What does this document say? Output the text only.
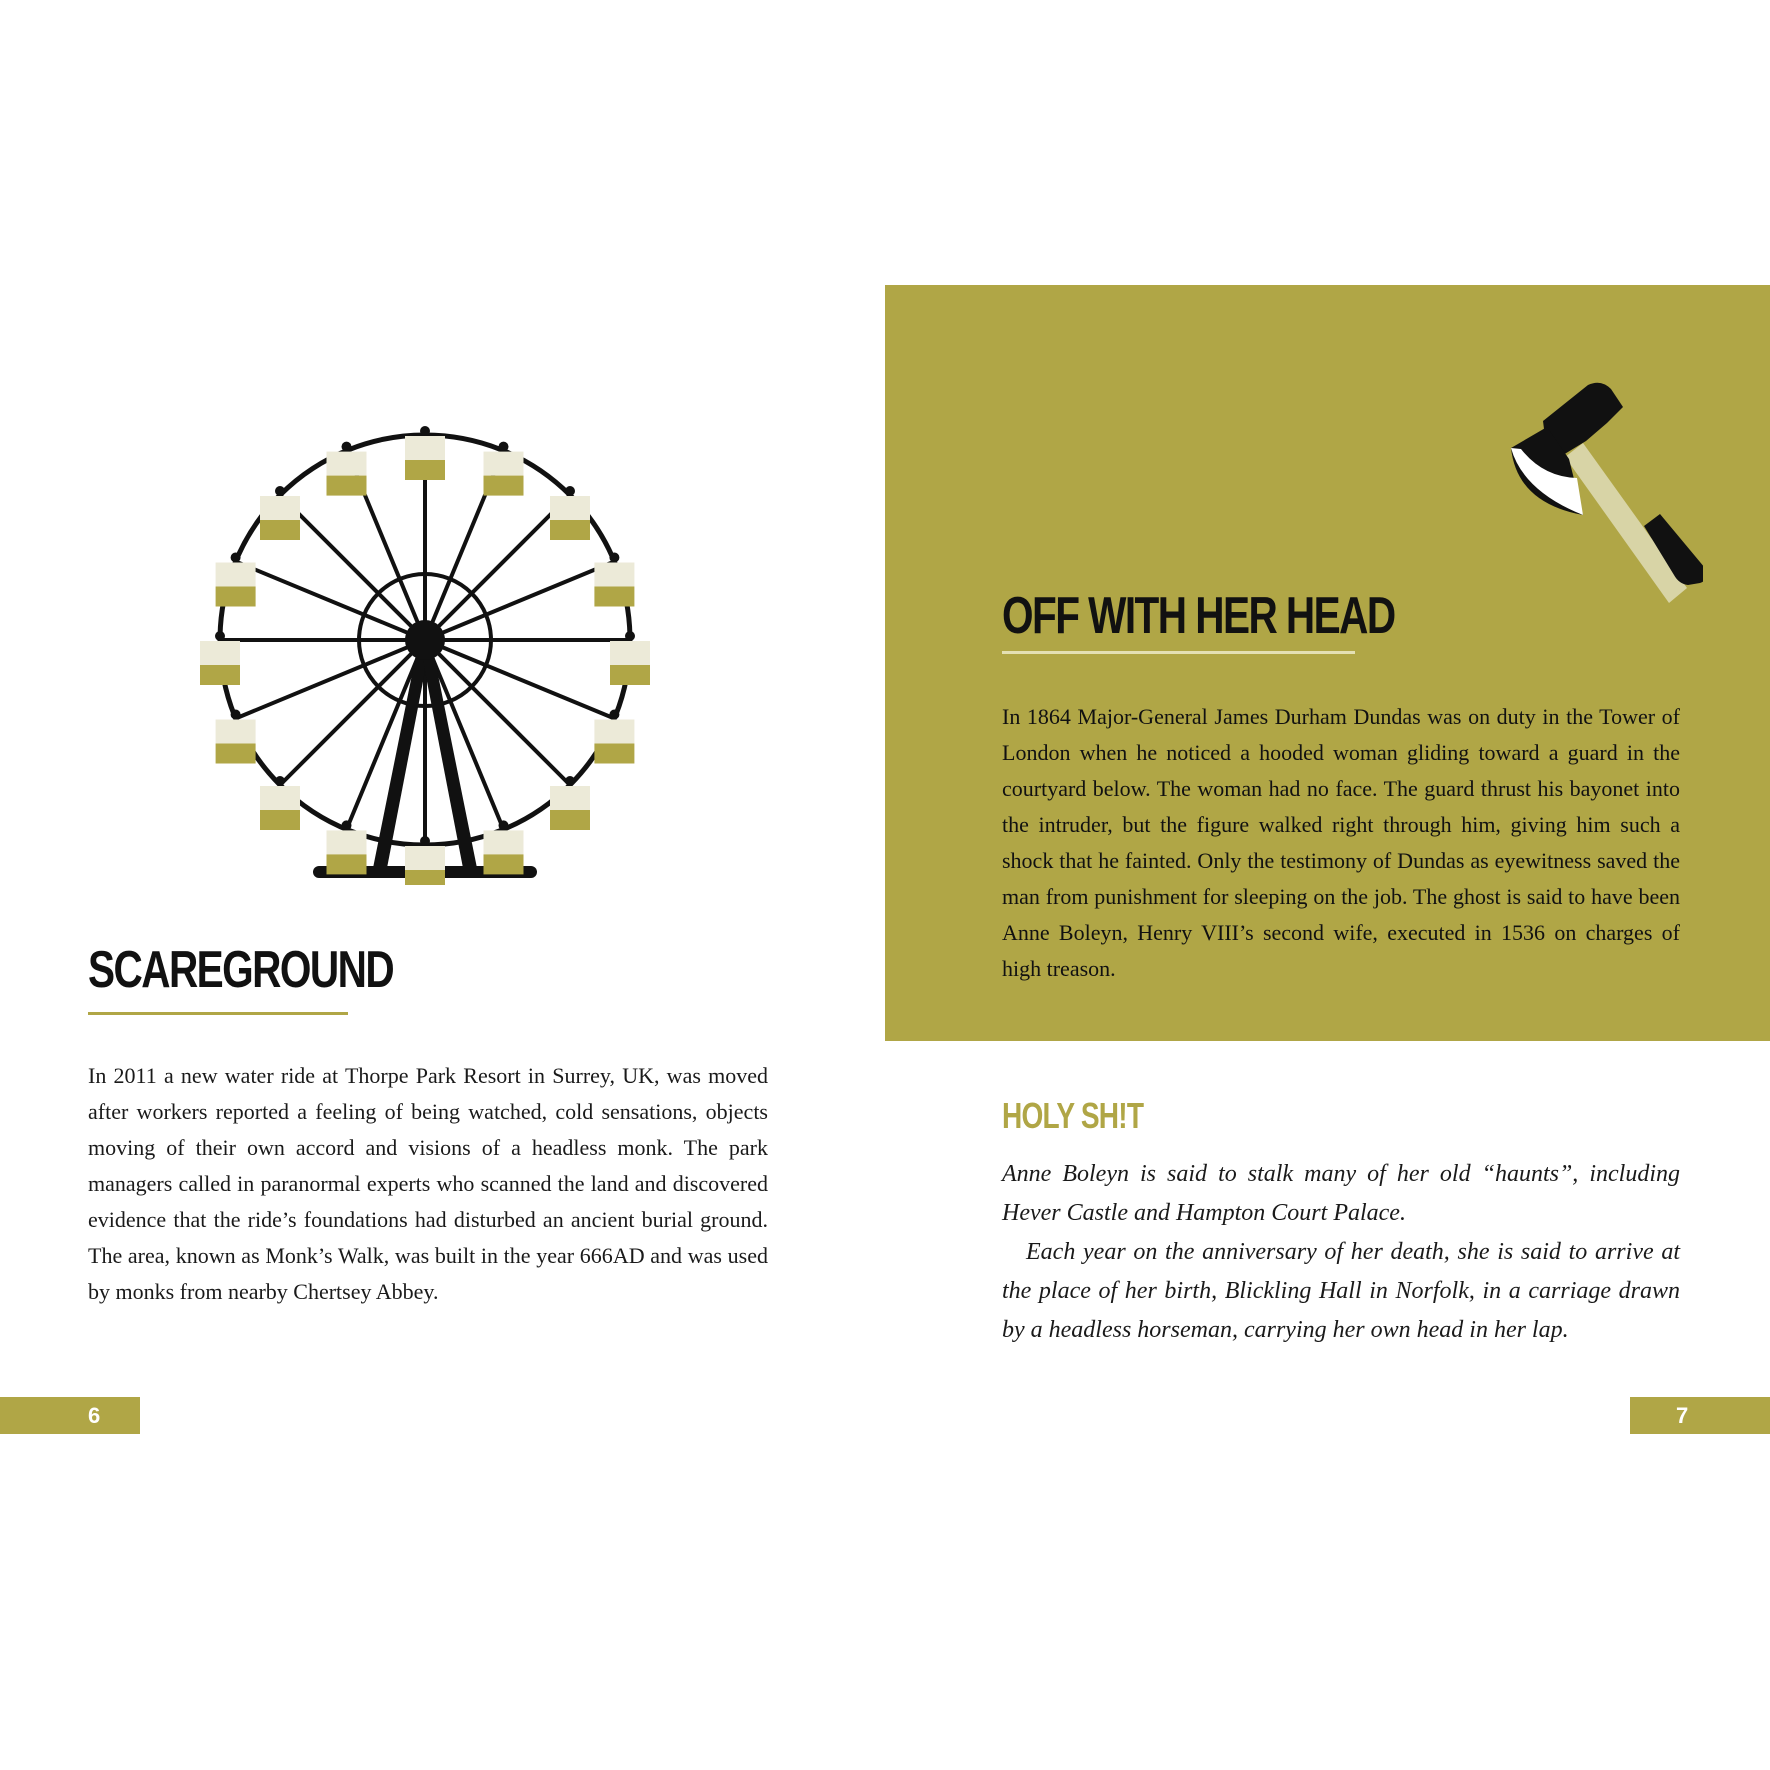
SCAREGROUND

In 2011 a new water ride at Thorpe Park Resort in Surrey, UK, was moved after workers reported a feeling of being watched, cold sensations, objects moving of their own accord and visions of a headless monk. The park managers called in paranormal experts who scanned the land and discovered evidence that the ride’s foundations had disturbed an ancient burial ground. The area, known as Monk’s Walk, was built in the year 666AD and was used by monks from nearby Chertsey Abbey.

6
OFF WITH HER HEAD

In 1864 Major-General James Durham Dundas was on duty in the Tower of London when he noticed a hooded woman gliding toward a guard in the courtyard below. The woman had no face. The guard thrust his bayonet into the intruder, but the figure walked right through him, giving him such a shock that he fainted. Only the testimony of Dundas as eyewitness saved the man from punishment for sleeping on the job. The ghost is said to have been Anne Boleyn, Henry VIII’s second wife, executed in 1536 on charges of high treason.

HOLY SH!T

Anne Boleyn is said to stalk many of her old “haunts”, including Hever Castle and Hampton Court Palace.

Each year on the anniversary of her death, she is said to arrive at the place of her birth, Blickling Hall in Norfolk, in a carriage drawn by a headless horseman, carrying her own head in her lap.

7
